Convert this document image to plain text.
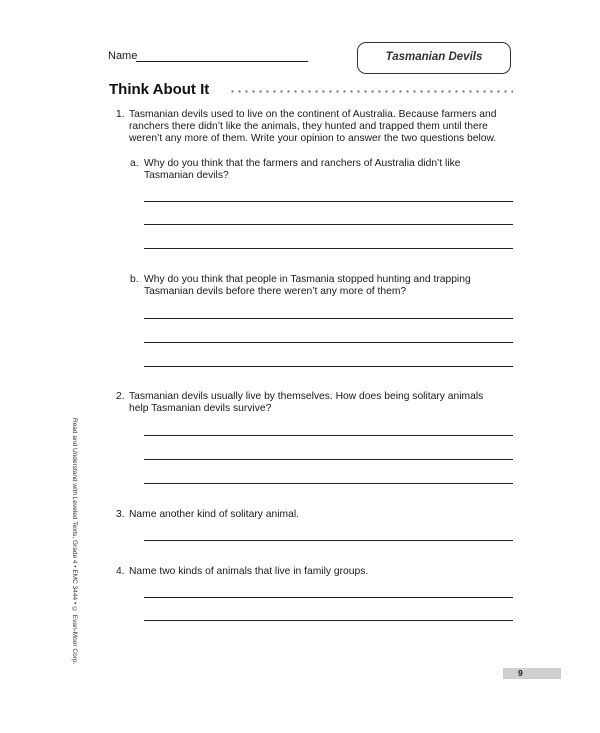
Name	Tasmanian Devils
Think About It
1. Tasmanian devils used to live on the continent of Australia. Because farmers and

ranchers there didn’t like the animals, they hunted and trapped them until there

weren’t any more of them. Write your opinion to answer the two questions below.

a. Why do you think that the farmers and ranchers of Australia didn’t like

Tasmanian devils?

b. Why do you think that people in Tasmania stopped hunting and trapping

Tasmanian devils before there weren’t any more of them?

2. Tasmanian devils usually live by themselves. How does being solitary animals

help Tasmanian devils survive?

3. Name another kind of solitary animal.

4. Name two kinds of animals that live in family groups.

Read and Understand with Leveled Texts, Grade 4 • EMC 3444 • © Evan-Moor Corp.
9
